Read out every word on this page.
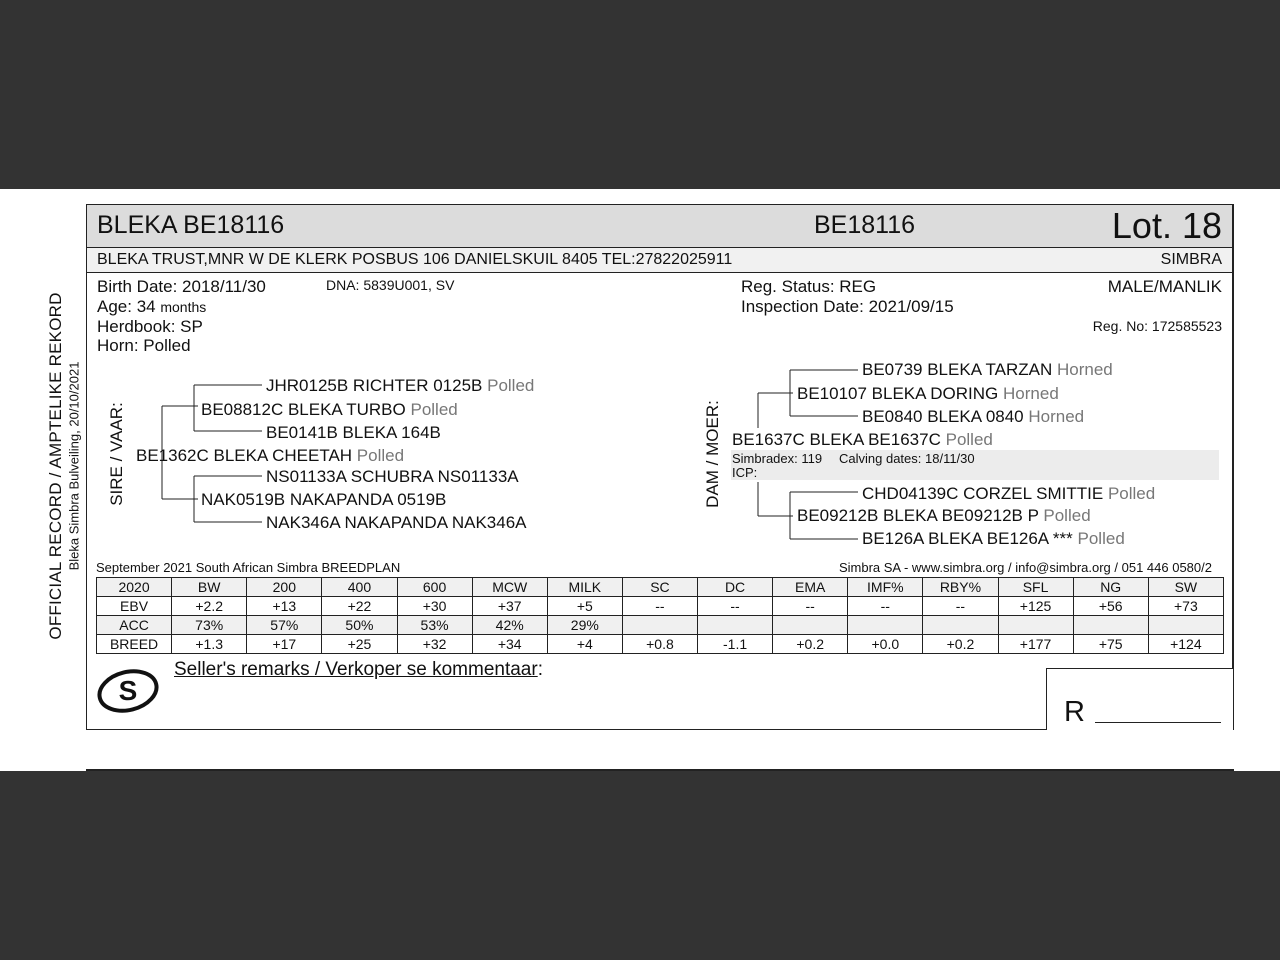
OFFICIAL RECORD / AMPTELIKE REKORD Bleka Simbra Bulveiling, 20/10/2021
BLEKA BE18116	BE18116	Lot. 18
BLEKA TRUST,MNR W DE KLERK POSBUS 106 DANIELSKUIL 8405 TEL:27822025911	SIMBRA
Birth Date: 2018/11/30	DNA: 5839U001, SV
Age: 34 months
Herdbook: SP
Horn: Polled
Reg. Status: REG
Inspection Date: 2021/09/15
MALE/MANLIK
Reg. No: 172585523
SIRE / VAAR:
JHR0125B RICHTER 0125B Polled
BE08812C BLEKA TURBO Polled
BE0141B BLEKA 164B
BE1362C BLEKA CHEETAH Polled
NS01133A SCHUBRA NS01133A
NAK0519B NAKAPANDA 0519B
NAK346A NAKAPANDA NAK346A
DAM / MOER:
BE0739 BLEKA TARZAN Horned
BE10107 BLEKA DORING Horned
BE0840 BLEKA 0840 Horned
BE1637C BLEKA BE1637C Polled
Simbradex: 119 Calving dates: 18/11/30
ICP:
CHD04139C CORZEL SMITTIE Polled
BE09212B BLEKA BE09212B P Polled
BE126A BLEKA BE126A *** Polled
September 2021 South African Simbra BREEDPLAN	Simbra SA - www.simbra.org / info@simbra.org / 051 446 0580/2
2020	BW	200	400	600	MCW	MILK	SC	DC	EMA	IMF%	RBY%	SFL	NG	SW
EBV	+2.2	+13	+22	+30	+37	+5	--	--	--	--	--	+125	+56	+73
ACC	73%	57%	50%	53%	42%	29%								
BREED	+1.3	+17	+25	+32	+34	+4	+0.8	-1.1	+0.2	+0.0	+0.2	+177	+75	+124
S
Seller's remarks / Verkoper se kommentaar:
R
